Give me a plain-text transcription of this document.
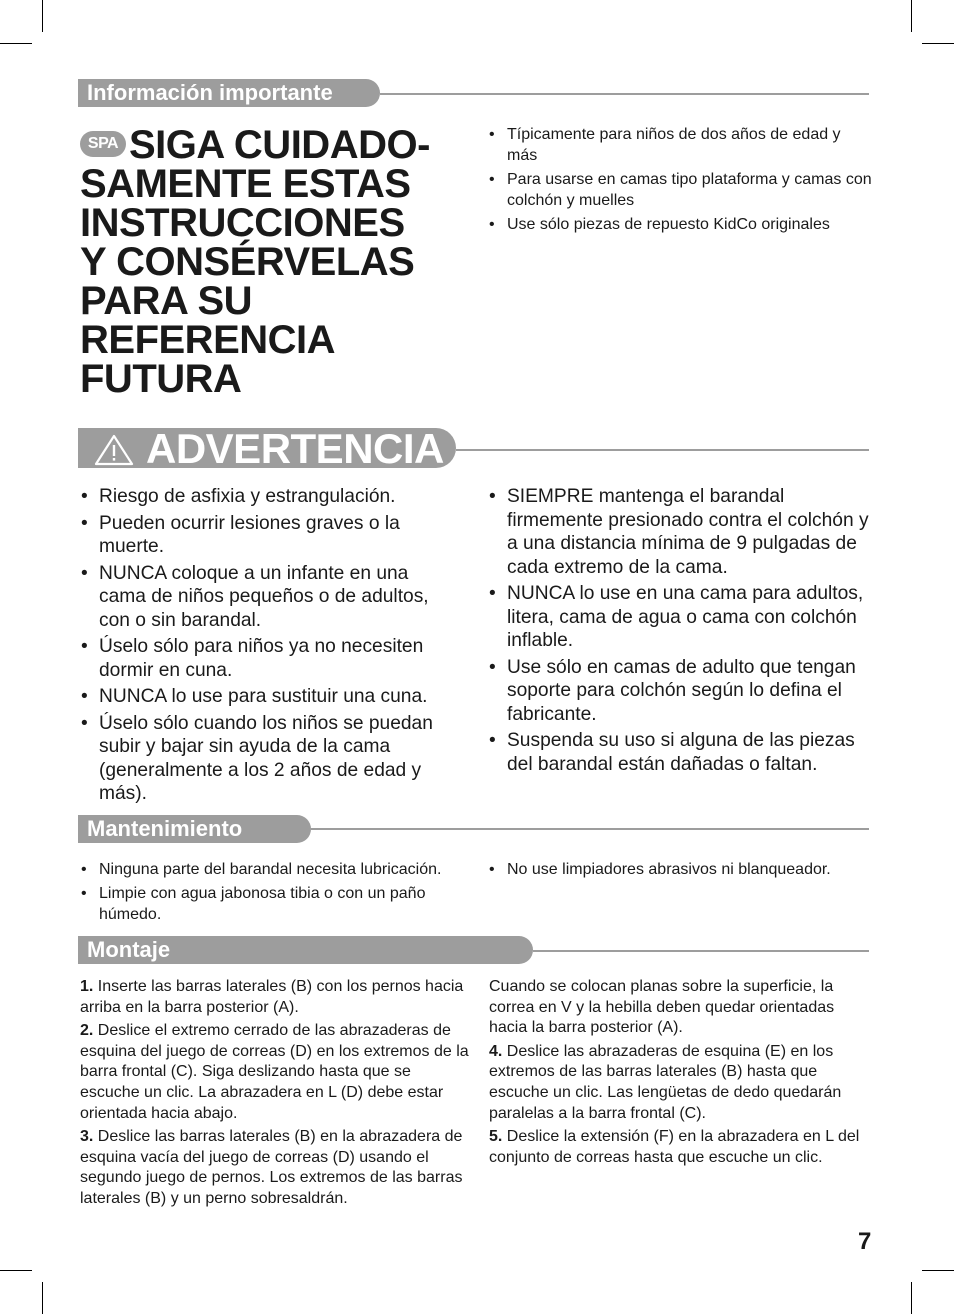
Información importante
SPA SIGA CUIDADO-
SAMENTE ESTAS
INSTRUCCIONES
Y CONSÉRVELAS
PARA SU
REFERENCIA
FUTURA
• Típicamente para niños de dos años de edad y más
• Para usarse en camas tipo plataforma y camas con colchón y muelles
• Use sólo piezas de repuesto KidCo originales
ADVERTENCIA
• Riesgo de asfixia y estrangulación.
• Pueden ocurrir lesiones graves o la muerte.
• NUNCA coloque a un infante en una cama de niños pequeños o de adultos, con o sin barandal.
• Úselo sólo para niños ya no necesiten dormir en cuna.
• NUNCA lo use para sustituir una cuna.
• Úselo sólo cuando los niños se puedan subir y bajar sin ayuda de la cama (generalmente a los 2 años de edad y más).
• SIEMPRE mantenga el barandal firmemente presionado contra el colchón y a una distancia mínima de 9 pulgadas de cada extremo de la cama.
• NUNCA lo use en una cama para adultos, litera, cama de agua o cama con colchón inflable.
• Use sólo en camas de adulto que tengan soporte para colchón según lo defina el fabricante.
• Suspenda su uso si alguna de las piezas del barandal están dañadas o faltan.
Mantenimiento
• Ninguna parte del barandal necesita lubricación.
• Limpie con agua jabonosa tibia o con un paño húmedo.
• No use limpiadores abrasivos ni blanqueador.
Montaje

1. Inserte las barras laterales (B) con los pernos hacia arriba en la barra posterior (A).

2. Deslice el extremo cerrado de las abrazaderas de esquina del juego de correas (D) en los extremos de la barra frontal (C). Siga deslizando hasta que se escuche un clic. La abrazadera en L (D) debe estar orientada hacia abajo.

3. Deslice las barras laterales (B) en la abrazadera de esquina vacía del juego de correas (D) usando el segundo juego de pernos. Los extremos de las barras laterales (B) y un perno sobresaldrán.

Cuando se colocan planas sobre la superficie, la correa en V y la hebilla deben quedar orientadas hacia la barra posterior (A).

4. Deslice las abrazaderas de esquina (E) en los extremos de las barras laterales (B) hasta que escuche un clic. Las lengüetas de dedo quedarán paralelas a la barra frontal (C).

5. Deslice la extensión (F) en la abrazadera en L del conjunto de correas hasta que escuche un clic.

7
